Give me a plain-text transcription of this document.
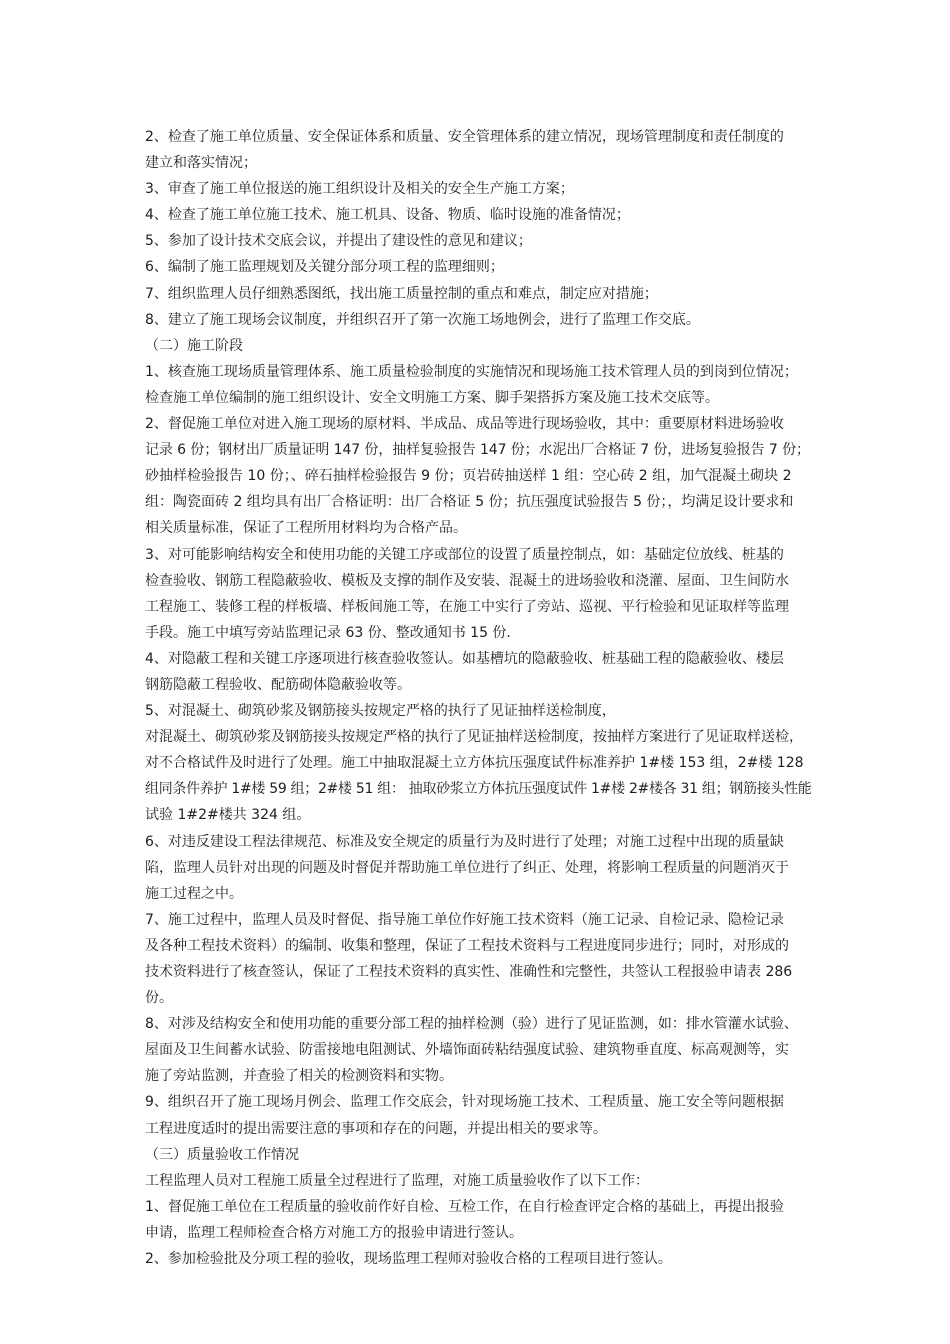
2、检查了施工单位质量、安全保证体系和质量、安全管理体系的建立情况，现场管理制度和责任制度的
建立和落实情况；
3、审查了施工单位报送的施工组织设计及相关的安全生产施工方案；
4、检查了施工单位施工技术、施工机具、设备、物质、临时设施的准备情况；
5、参加了设计技术交底会议，并提出了建设性的意见和建议；
6、编制了施工监理规划及关键分部分项工程的监理细则；
7、组织监理人员仔细熟悉图纸，找出施工质量控制的重点和难点，制定应对措施；
8、建立了施工现场会议制度，并组织召开了第一次施工场地例会，进行了监理工作交底。
（二）施工阶段
1、核查施工现场质量管理体系、施工质量检验制度的实施情况和现场施工技术管理人员的到岗到位情况；
检查施工单位编制的施工组织设计、安全文明施工方案、脚手架搭拆方案及施工技术交底等。
2、督促施工单位对进入施工现场的原材料、半成品、成品等进行现场验收，其中：重要原材料进场验收
记录 6 份；钢材出厂质量证明 147 份，抽样复验报告 147 份；水泥出厂合格证 7 份，进场复验报告 7 份；
砂抽样检验报告 10 份；、碎石抽样检验报告 9 份；页岩砖抽送样 1 组：空心砖 2 组，加气混凝土砌块 2
组：陶瓷面砖 2 组均具有出厂合格证明：出厂合格证 5 份；抗压强度试验报告 5 份；，均满足设计要求和
相关质量标准，保证了工程所用材料均为合格产品。
3、对可能影响结构安全和使用功能的关键工序或部位的设置了质量控制点，如：基础定位放线、桩基的
检查验收、钢筋工程隐蔽验收、模板及支撑的制作及安装、混凝土的进场验收和浇灌、屋面、卫生间防水
工程施工、装修工程的样板墙、样板间施工等，在施工中实行了旁站、巡视、平行检验和见证取样等监理
手段。施工中填写旁站监理记录 63 份、整改通知书 15 份.
4、对隐蔽工程和关键工序逐项进行核查验收签认。如基槽坑的隐蔽验收、桩基础工程的隐蔽验收、楼层
钢筋隐蔽工程验收、配筋砌体隐蔽验收等。
5、对混凝土、砌筑砂浆及钢筋接头按规定严格的执行了见证抽样送检制度，
对混凝土、砌筑砂浆及钢筋接头按规定严格的执行了见证抽样送检制度，按抽样方案进行了见证取样送检，
对不合格试件及时进行了处理。施工中抽取混凝土立方体抗压强度试件标准养护 1#楼 153 组，2#楼 128
组同条件养护 1#楼 59 组；2#楼 51 组： 抽取砂浆立方体抗压强度试件 1#楼 2#楼各 31 组；钢筋接头性能
试验 1#2#楼共 324 组。
6、对违反建设工程法律规范、标准及安全规定的质量行为及时进行了处理；对施工过程中出现的质量缺
陷，监理人员针对出现的问题及时督促并帮助施工单位进行了纠正、处理，将影响工程质量的问题消灭于
施工过程之中。
7、施工过程中，监理人员及时督促、指导施工单位作好施工技术资料（施工记录、自检记录、隐检记录
及各种工程技术资料）的编制、收集和整理，保证了工程技术资料与工程进度同步进行；同时，对形成的
技术资料进行了核查签认，保证了工程技术资料的真实性、准确性和完整性，共签认工程报验申请表 286
份。
8、对涉及结构安全和使用功能的重要分部工程的抽样检测（验）进行了见证监测，如：排水管灌水试验、
屋面及卫生间蓄水试验、防雷接地电阻测试、外墙饰面砖粘结强度试验、建筑物垂直度、标高观测等，实
施了旁站监测，并查验了相关的检测资料和实物。
9、组织召开了施工现场月例会、监理工作交底会，针对现场施工技术、工程质量、施工安全等问题根据
工程进度适时的提出需要注意的事项和存在的问题，并提出相关的要求等。
（三）质量验收工作情况
工程监理人员对工程施工质量全过程进行了监理，对施工质量验收作了以下工作：
1、督促施工单位在工程质量的验收前作好自检、互检工作，在自行检查评定合格的基础上，再提出报验
申请，监理工程师检查合格方对施工方的报验申请进行签认。
2、参加检验批及分项工程的验收，现场监理工程师对验收合格的工程项目进行签认。
